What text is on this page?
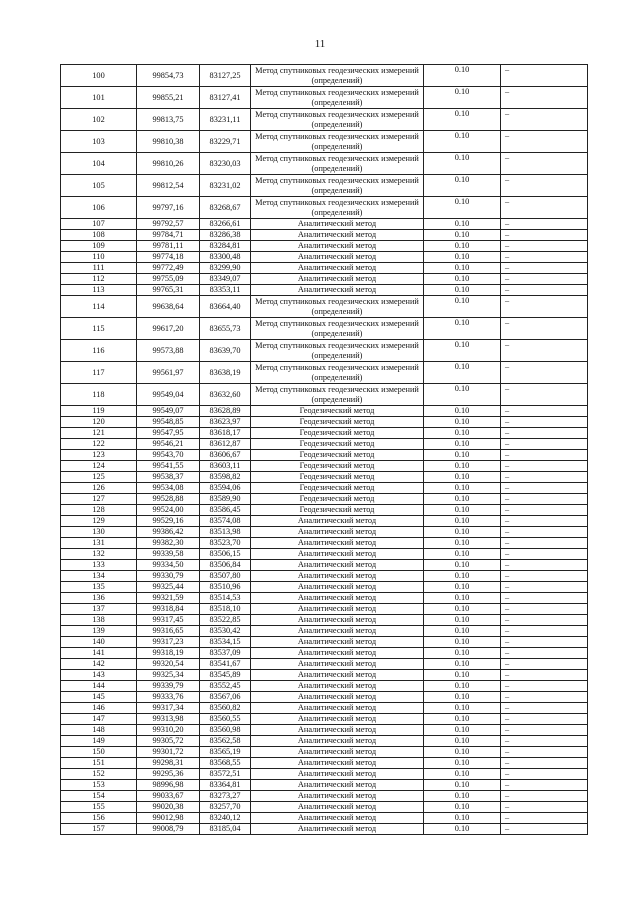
11
100	99854,73	83127,25	Метод спутниковых геодезических измерений (определений)	0.10	–
101	99855,21	83127,41	Метод спутниковых геодезических измерений (определений)	0.10	–
102	99813,75	83231,11	Метод спутниковых геодезических измерений (определений)	0.10	–
103	99810,38	83229,71	Метод спутниковых геодезических измерений (определений)	0.10	–
104	99810,26	83230,03	Метод спутниковых геодезических измерений (определений)	0.10	–
105	99812,54	83231,02	Метод спутниковых геодезических измерений (определений)	0.10	–
106	99797,16	83268,67	Метод спутниковых геодезических измерений (определений)	0.10	–
107	99792,57	83266,61	Аналитический метод	0.10	–
108	99784,71	83286,38	Аналитический метод	0.10	–
109	99781,11	83284,81	Аналитический метод	0.10	–
110	99774,18	83300,48	Аналитический метод	0.10	–
111	99772,49	83299,90	Аналитический метод	0.10	–
112	99755,09	83349,07	Аналитический метод	0.10	–
113	99765,31	83353,11	Аналитический метод	0.10	–
114	99638,64	83664,40	Метод спутниковых геодезических измерений (определений)	0.10	–
115	99617,20	83655,73	Метод спутниковых геодезических измерений (определений)	0.10	–
116	99573,88	83639,70	Метод спутниковых геодезических измерений (определений)	0.10	–
117	99561,97	83638,19	Метод спутниковых геодезических измерений (определений)	0.10	–
118	99549,04	83632,60	Метод спутниковых геодезических измерений (определений)	0.10	–
119	99549,07	83628,89	Геодезический метод	0.10	–
120	99548,85	83623,97	Геодезический метод	0.10	–
121	99547,95	83618,17	Геодезический метод	0.10	–
122	99546,21	83612,87	Геодезический метод	0.10	–
123	99543,70	83606,67	Геодезический метод	0.10	–
124	99541,55	83603,11	Геодезический метод	0.10	–
125	99538,37	83598,82	Геодезический метод	0.10	–
126	99534,08	83594,06	Геодезический метод	0.10	–
127	99528,88	83589,90	Геодезический метод	0.10	–
128	99524,00	83586,45	Геодезический метод	0.10	–
129	99529,16	83574,08	Аналитический метод	0.10	–
130	99386,42	83513,98	Аналитический метод	0.10	–
131	99382,30	83523,70	Аналитический метод	0.10	–
132	99339,58	83506,15	Аналитический метод	0.10	–
133	99334,50	83506,84	Аналитический метод	0.10	–
134	99330,79	83507,80	Аналитический метод	0.10	–
135	99325,44	83510,96	Аналитический метод	0.10	–
136	99321,59	83514,53	Аналитический метод	0.10	–
137	99318,84	83518,10	Аналитический метод	0.10	–
138	99317,45	83522,85	Аналитический метод	0.10	–
139	99316,65	83530,42	Аналитический метод	0.10	–
140	99317,23	83534,15	Аналитический метод	0.10	–
141	99318,19	83537,09	Аналитический метод	0.10	–
142	99320,54	83541,67	Аналитический метод	0.10	–
143	99325,34	83545,89	Аналитический метод	0.10	–
144	99339,79	83552,45	Аналитический метод	0.10	–
145	99333,76	83567,06	Аналитический метод	0.10	–
146	99317,34	83560,82	Аналитический метод	0.10	–
147	99313,98	83560,55	Аналитический метод	0.10	–
148	99310,20	83560,98	Аналитический метод	0.10	–
149	99305,72	83562,58	Аналитический метод	0.10	–
150	99301,72	83565,19	Аналитический метод	0.10	–
151	99298,31	83568,55	Аналитический метод	0.10	–
152	99295,36	83572,51	Аналитический метод	0.10	–
153	98996,98	83364,81	Аналитический метод	0.10	–
154	99033,67	83273,27	Аналитический метод	0.10	–
155	99020,38	83257,70	Аналитический метод	0.10	–
156	99012,98	83240,12	Аналитический метод	0.10	–
157	99008,79	83185,04	Аналитический метод	0.10	–
